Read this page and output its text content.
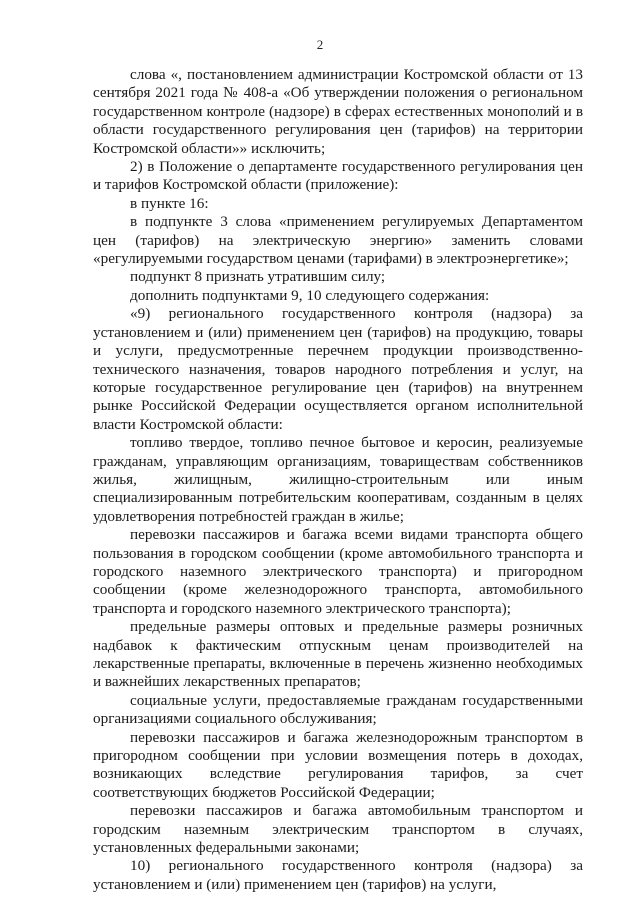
2

слова «, постановлением администрации Костромской области от 13 сентября 2021 года № 408-а «Об утверждении положения о региональном государственном контроле (надзоре) в сферах естественных монополий и в области государственного регулирования цен (тарифов) на территории Костромской области»» исключить;

2) в Положение о департаменте государственного регулирования цен и тарифов Костромской области (приложение):

в пункте 16:

в подпункте 3 слова «применением регулируемых Департаментом цен (тарифов) на электрическую энергию» заменить словами «регулируемыми государством ценами (тарифами) в электроэнергетике»;

подпункт 8 признать утратившим силу;

дополнить подпунктами 9, 10 следующего содержания:

«9) регионального государственного контроля (надзора) за установлением и (или) применением цен (тарифов) на продукцию, товары и услуги, предусмотренные перечнем продукции производственно-технического назначения, товаров народного потребления и услуг, на которые государственное регулирование цен (тарифов) на внутреннем рынке Российской Федерации осуществляется органом исполнительной власти Костромской области:

топливо твердое, топливо печное бытовое и керосин, реализуемые гражданам, управляющим организациям, товариществам собственников жилья, жилищным, жилищно-строительным или иным специализированным потребительским кооперативам, созданным в целях удовлетворения потребностей граждан в жилье;

перевозки пассажиров и багажа всеми видами транспорта общего пользования в городском сообщении (кроме автомобильного транспорта и городского наземного электрического транспорта) и пригородном сообщении (кроме железнодорожного транспорта, автомобильного транспорта и городского наземного электрического транспорта);

предельные размеры оптовых и предельные размеры розничных надбавок к фактическим отпускным ценам производителей на лекарственные препараты, включенные в перечень жизненно необходимых и важнейших лекарственных препаратов;

социальные услуги, предоставляемые гражданам государственными организациями социального обслуживания;

перевозки пассажиров и багажа железнодорожным транспортом в пригородном сообщении при условии возмещения потерь в доходах, возникающих вследствие регулирования тарифов, за счет соответствующих бюджетов Российской Федерации;

перевозки пассажиров и багажа автомобильным транспортом и городским наземным электрическим транспортом в случаях, установленных федеральными законами;

10) регионального государственного контроля (надзора) за установлением и (или) применением цен (тарифов) на услуги,
